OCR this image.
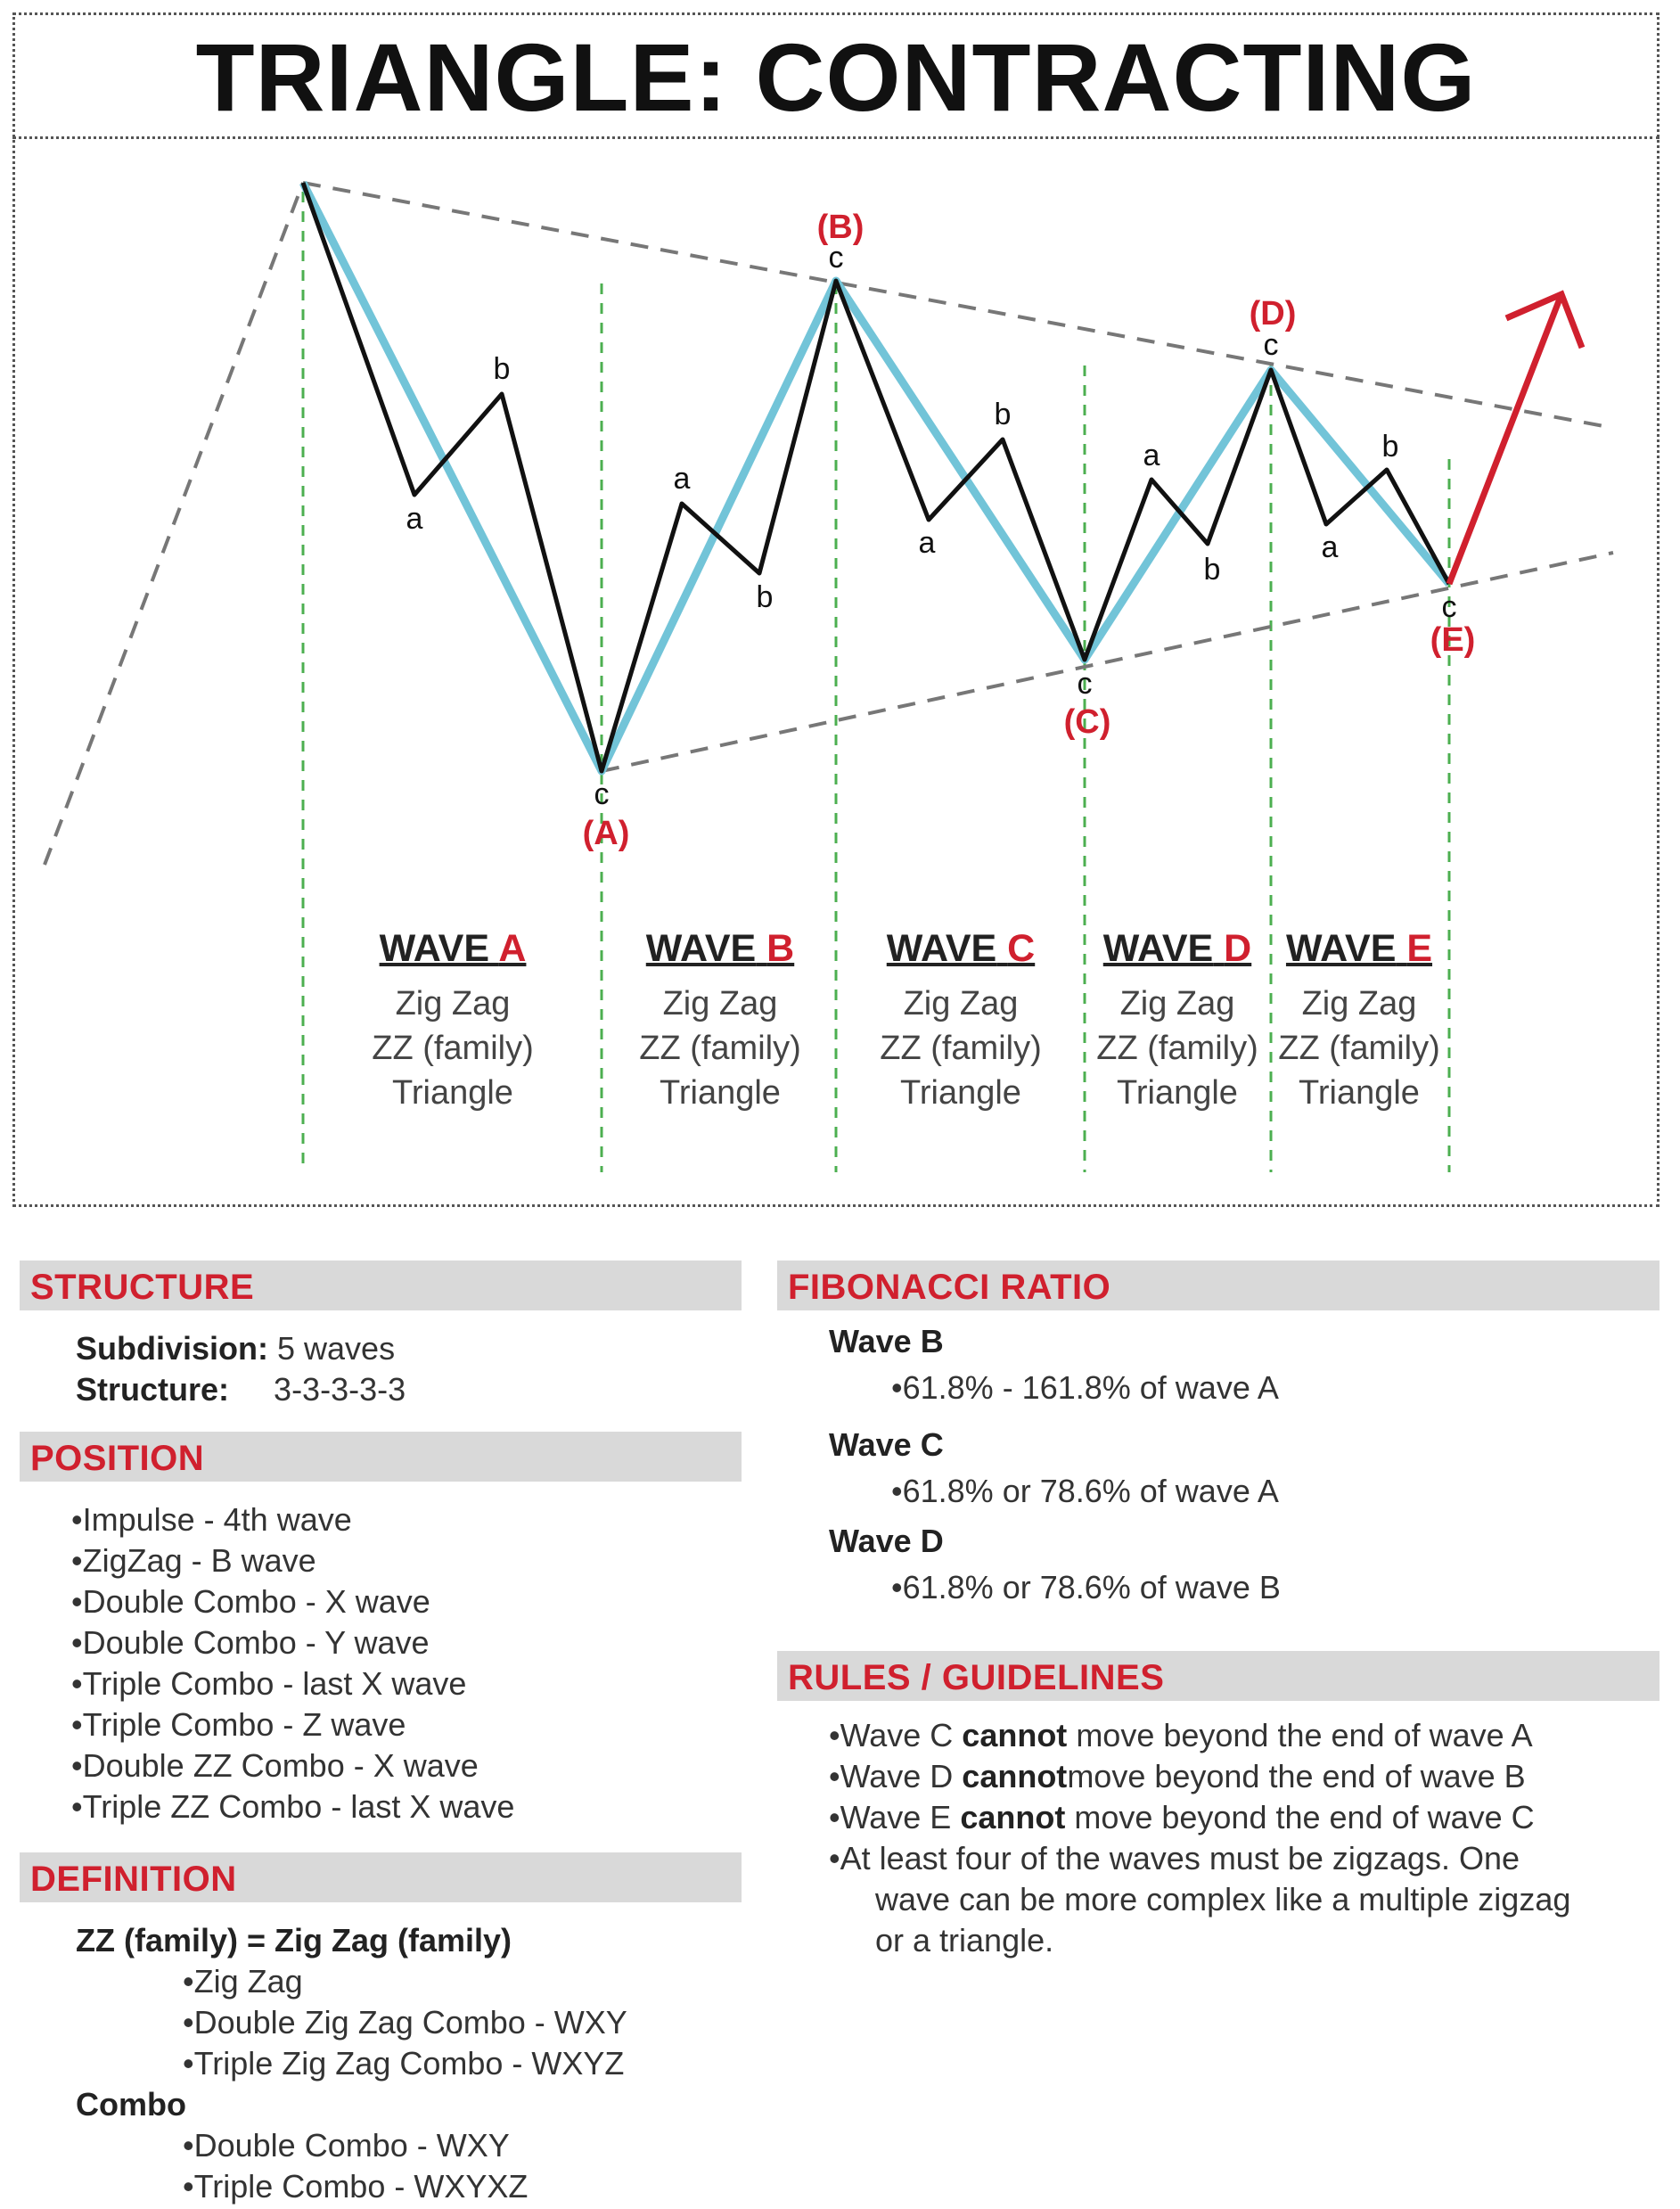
TRIANGLE: CONTRACTING
a
b
c
a
b
c
a
b
c
a
b
c
a
b
c
(A)
(B)
(C)
(D)
(E)
WAVE A
Zig Zag
ZZ (family)
Triangle
WAVE B
Zig Zag
ZZ (family)
Triangle
WAVE C
Zig Zag
ZZ (family)
Triangle
WAVE D
Zig Zag
ZZ (family)
Triangle
WAVE E
Zig Zag
ZZ (family)
Triangle
STRUCTURE
Subdivision: 5 waves
Structure: 3-3-3-3-3
POSITION
• Impulse - 4th wave
• ZigZag - B wave
• Double Combo - X wave
• Double Combo - Y wave
• Triple Combo - last X wave
• Triple Combo - Z wave
• Double ZZ Combo - X wave
• Triple ZZ Combo - last X wave
DEFINITION
ZZ (family) = Zig Zag (family)
• Zig Zag
• Double Zig Zag Combo - WXY
• Triple Zig Zag Combo - WXYZ
Combo
• Double Combo - WXY
• Triple Combo - WXYXZ
FIBONACCI RATIO
Wave B
• 61.8% - 161.8% of wave A
Wave C
• 61.8% or 78.6% of wave A
Wave D
• 61.8% or 78.6% of wave B
RULES / GUIDELINES
• Wave C cannot move beyond the end of wave A
• Wave D cannotmove beyond the end of wave B
• Wave E cannot move beyond the end of wave C
• At least four of the waves must be zigzags. One
wave can be more complex like a multiple zigzag
or a triangle.
